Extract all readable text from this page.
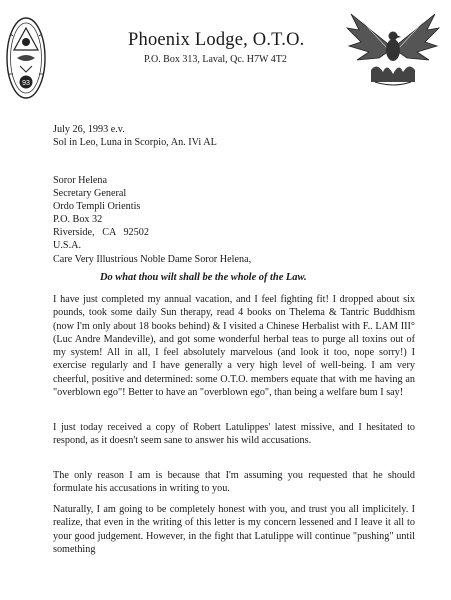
93
Phoenix Lodge, O.T.O.
P.O. Box 313, Laval, Qc. H7W 4T2
July 26, 1993 e.v.
Sol in Leo, Luna in Scorpio, An. IVi AL
Soror Helena
Secretary General
Ordo Templi Orientis
P.O. Box 32
Riverside,   CA   92502
U.S.A.
Care Very Illustrious Noble Dame Soror Helena,
Do what thou wilt shall be the whole of the Law.
I have just completed my annual vacation, and I feel fighting fit! I dropped about six pounds, took some daily Sun therapy, read 4 books on Thelema & Tantric Buddhism (now I'm only about 18 books behind) & I visited a Chinese Herbalist with F.. LAM III° (Luc Andre Mandeville), and got some wonderful herbal teas to purge all toxins out of my system! All in all, I feel absolutely marvelous (and look it too, nope sorry!) I exercise regularly and I have generally a very high level of well-being. I am very cheerful, positive and determined: some O.T.O. members equate that with me having an "overblown ego"! Better to have an "overblown ego", than being a welfare bum I say!
I just today received a copy of Robert Latulippes' latest missive, and I hesitated to respond, as it doesn't seem sane to answer his wild accusations.
The only reason I am is because that I'm assuming you requested that he should formulate his accusations in writing to you.
Naturally, I am going to be completely honest with you, and trust you all implicitely. I realize, that even in the writing of this letter is my concern lessened and I leave it all to your good judgement. However, in the fight that Latulippe will continue "pushing" until something
